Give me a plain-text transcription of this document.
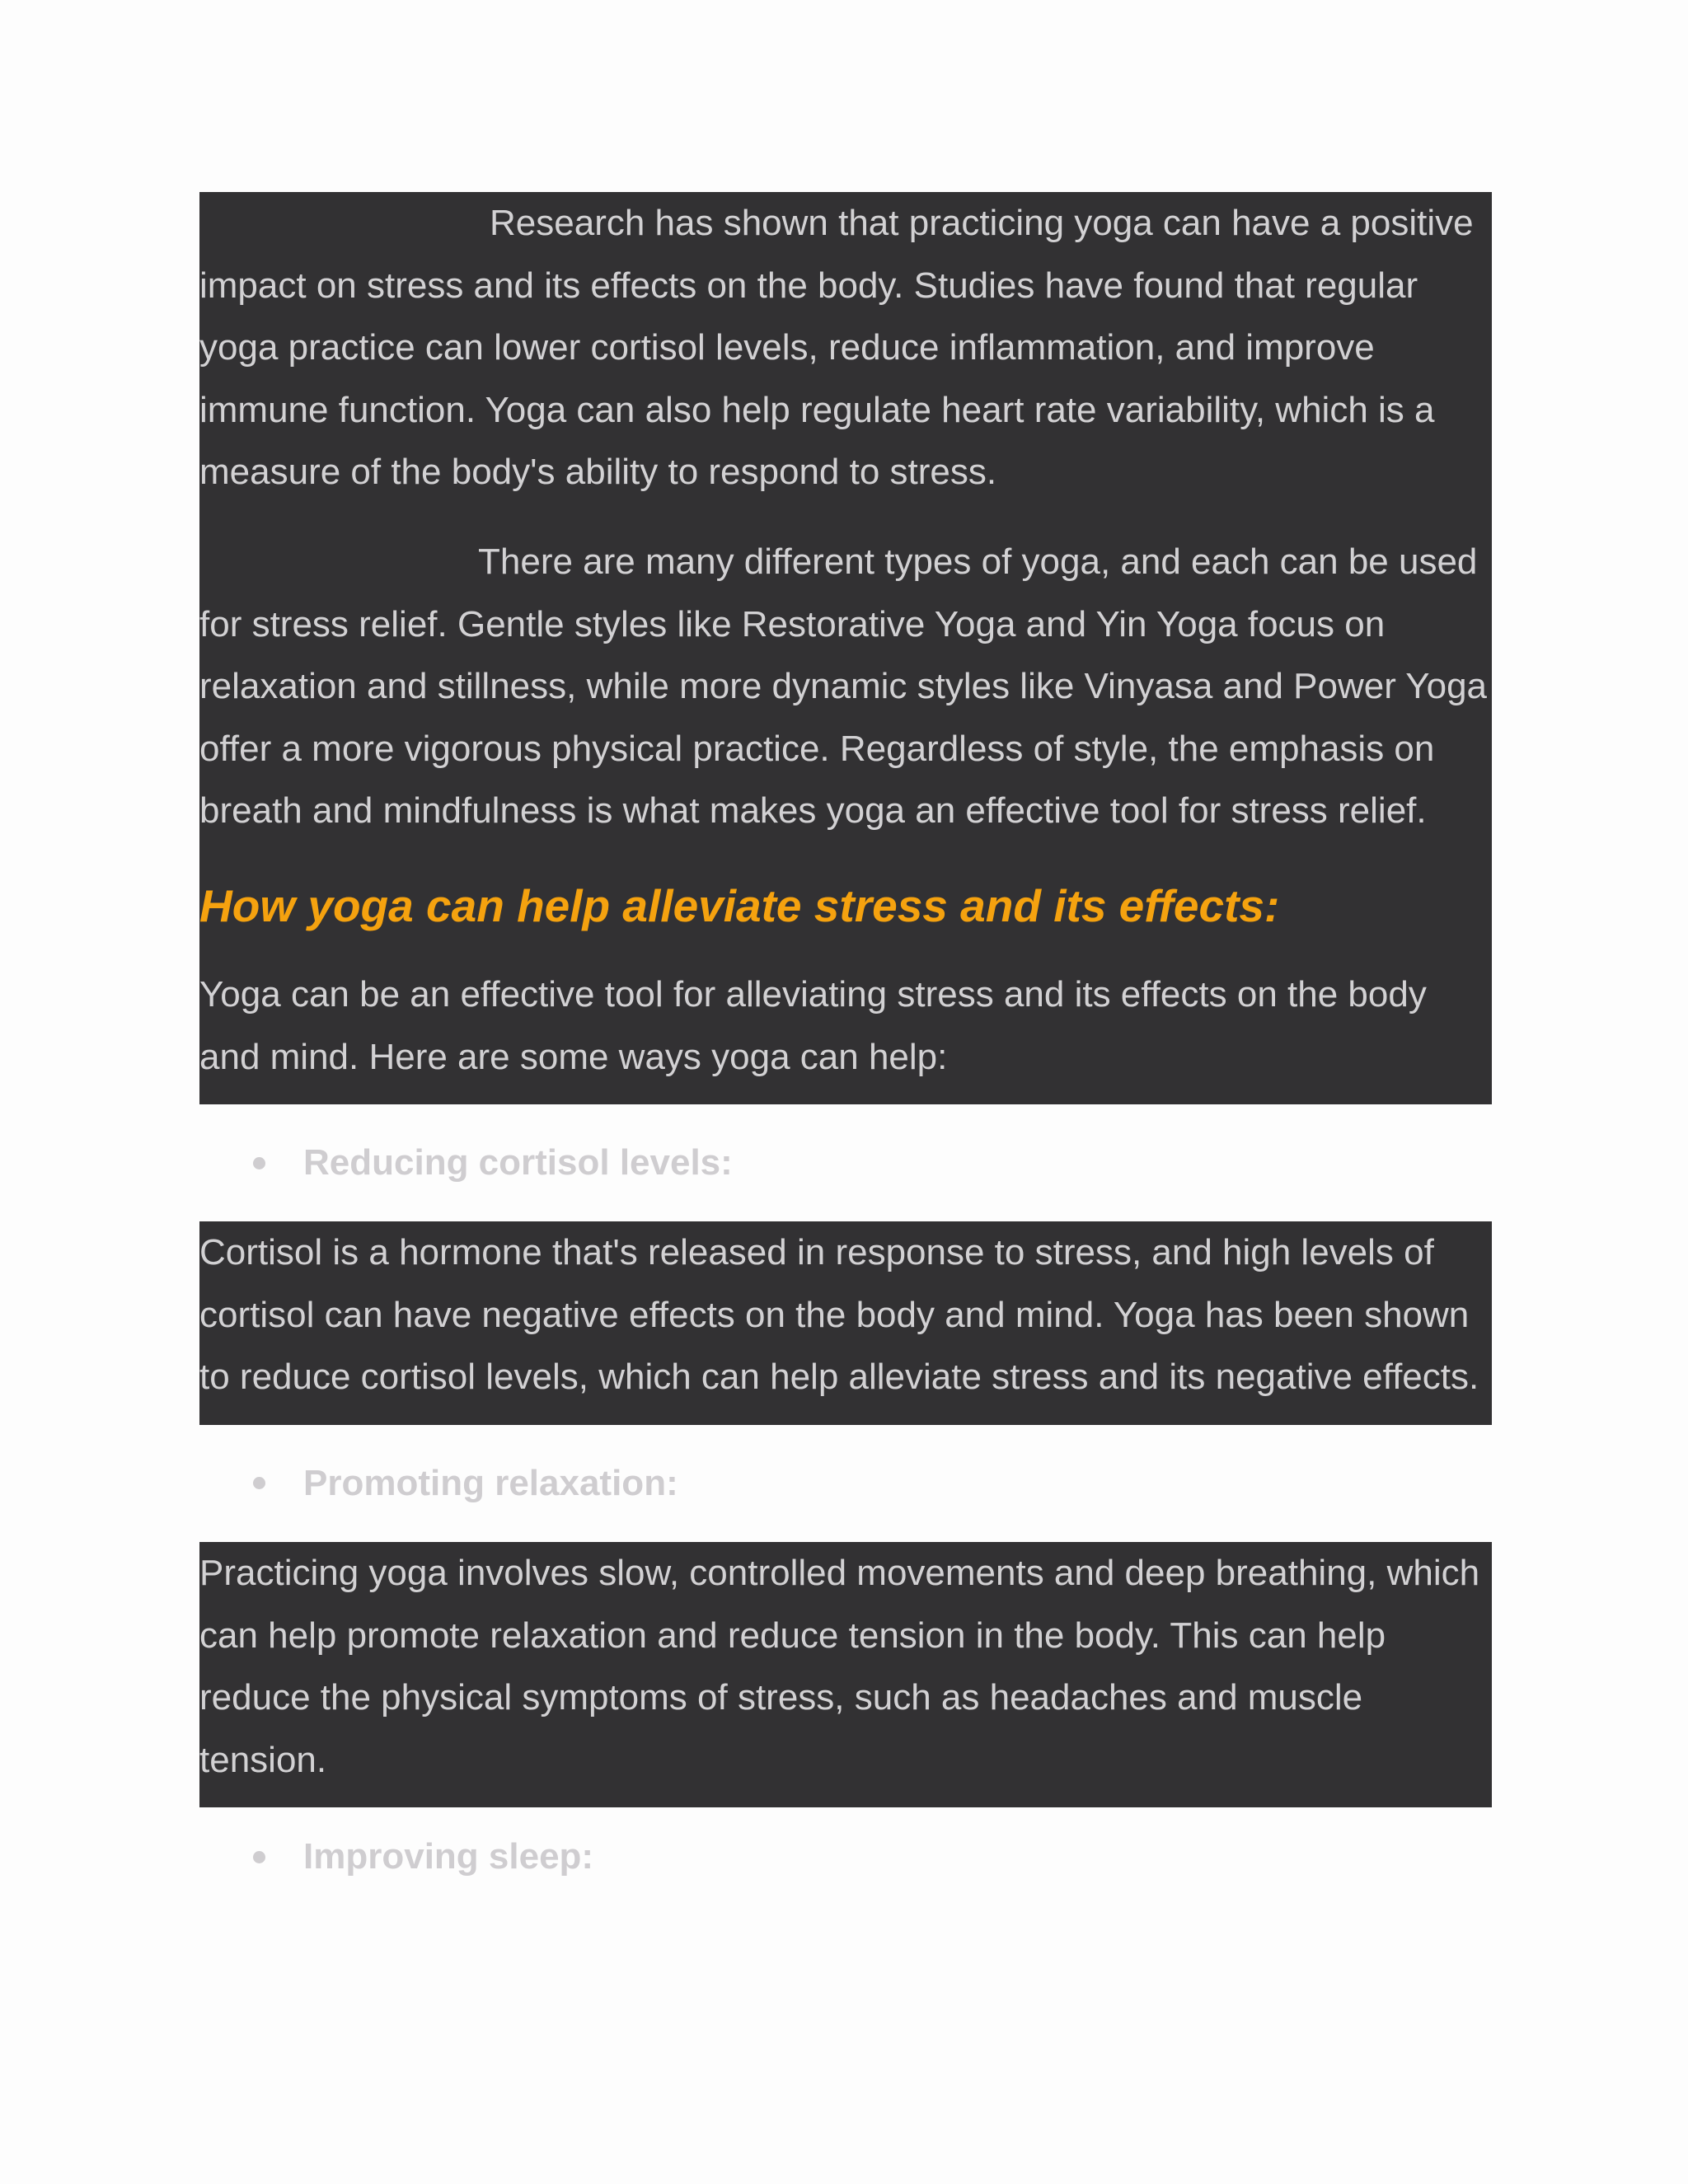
Research has shown that practicing yoga can have a positive impact on stress and its effects on the body. Studies have found that regular yoga practice can lower cortisol levels, reduce inflammation, and improve immune function. Yoga can also help regulate heart rate variability, which is a measure of the body's ability to respond to stress.

There are many different types of yoga, and each can be used for stress relief. Gentle styles like Restorative Yoga and Yin Yoga focus on relaxation and stillness, while more dynamic styles like Vinyasa and Power Yoga offer a more vigorous physical practice. Regardless of style, the emphasis on breath and mindfulness is what makes yoga an effective tool for stress relief.

How yoga can help alleviate stress and its effects:

Yoga can be an effective tool for alleviating stress and its effects on the body and mind. Here are some ways yoga can help:

Reducing cortisol levels:

Cortisol is a hormone that's released in response to stress, and high levels of cortisol can have negative effects on the body and mind. Yoga has been shown to reduce cortisol levels, which can help alleviate stress and its negative effects.

Promoting relaxation:

Practicing yoga involves slow, controlled movements and deep breathing, which can help promote relaxation and reduce tension in the body. This can help reduce the physical symptoms of stress, such as headaches and muscle tension.

Improving sleep:
